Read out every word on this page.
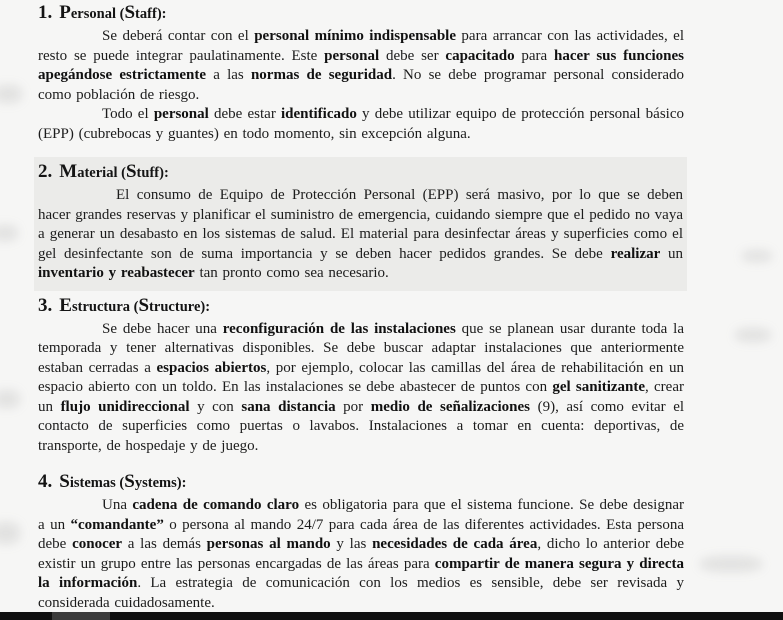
1. Personal (Staff):

Se deberá contar con el personal mínimo indispensable para arrancar con las actividades, el resto se puede integrar paulatinamente. Este personal debe ser capacitado para hacer sus funciones apegándose estrictamente a las normas de seguridad. No se debe programar personal considerado como población de riesgo.

Todo el personal debe estar identificado y debe utilizar equipo de protección personal básico (EPP) (cubrebocas y guantes) en todo momento, sin excepción alguna.

2. Material (Stuff):

El consumo de Equipo de Protección Personal (EPP) será masivo, por lo que se deben hacer grandes reservas y planificar el suministro de emergencia, cuidando siempre que el pedido no vaya a generar un desabasto en los sistemas de salud. El material para desinfectar áreas y superficies como el gel desinfectante son de suma importancia y se deben hacer pedidos grandes. Se debe realizar un inventario y reabastecer tan pronto como sea necesario.

3. Estructura (Structure):

Se debe hacer una reconfiguración de las instalaciones que se planean usar durante toda la temporada y tener alternativas disponibles. Se debe buscar adaptar instalaciones que anteriormente estaban cerradas a espacios abiertos, por ejemplo, colocar las camillas del área de rehabilitación en un espacio abierto con un toldo. En las instalaciones se debe abastecer de puntos con gel sanitizante, crear un flujo unidireccional y con sana distancia por medio de señalizaciones (9), así como evitar el contacto de superficies como puertas o lavabos. Instalaciones a tomar en cuenta: deportivas, de transporte, de hospedaje y de juego.

4. Sistemas (Systems):

Una cadena de comando claro es obligatoria para que el sistema funcione. Se debe designar a un “comandante” o persona al mando 24/7 para cada área de las diferentes actividades. Esta persona debe conocer a las demás personas al mando y las necesidades de cada área, dicho lo anterior debe existir un grupo entre las personas encargadas de las áreas para compartir de manera segura y directa la información. La estrategia de comunicación con los medios es sensible, debe ser revisada y considerada cuidadosamente.
